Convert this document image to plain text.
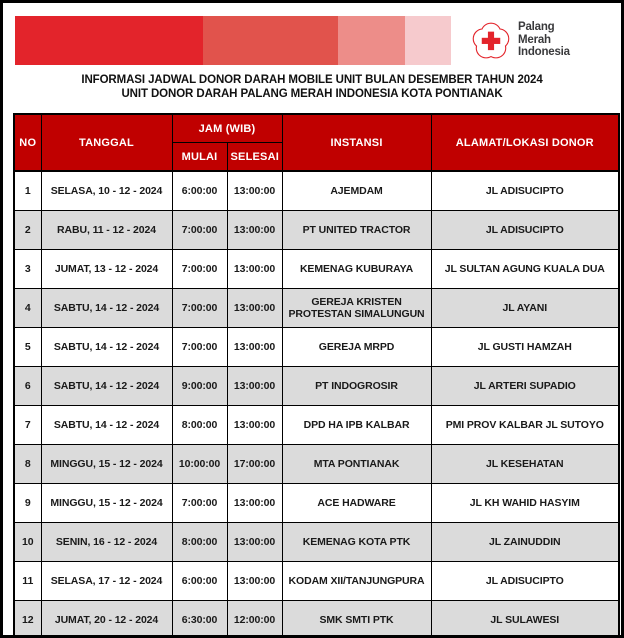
Palang
Merah
Indonesia
INFORMASI JADWAL DONOR DARAH MOBILE UNIT BULAN DESEMBER TAHUN 2024
UNIT DONOR DARAH PALANG MERAH INDONESIA KOTA PONTIANAK
NO	TANGGAL	JAM (WIB)		INSTANSI	ALAMAT/LOKASI DONOR
		MULAI	SELESAI		
1	SELASA, 10 - 12 - 2024	6:00:00	13:00:00	AJEMDAM	JL ADISUCIPTO
2	RABU, 11 - 12 - 2024	7:00:00	13:00:00	PT UNITED TRACTOR	JL ADISUCIPTO
3	JUMAT, 13 - 12 - 2024	7:00:00	13:00:00	KEMENAG KUBURAYA	JL SULTAN AGUNG KUALA DUA
4	SABTU, 14 - 12 - 2024	7:00:00	13:00:00	GEREJA KRISTEN PROTESTAN SIMALUNGUN	JL AYANI
5	SABTU, 14 - 12 - 2024	7:00:00	13:00:00	GEREJA MRPD	JL GUSTI HAMZAH
6	SABTU, 14 - 12 - 2024	9:00:00	13:00:00	PT INDOGROSIR	JL ARTERI SUPADIO
7	SABTU, 14 - 12 - 2024	8:00:00	13:00:00	DPD HA IPB KALBAR	PMI PROV KALBAR JL SUTOYO
8	MINGGU, 15 - 12 - 2024	10:00:00	17:00:00	MTA PONTIANAK	JL KESEHATAN
9	MINGGU, 15 - 12 - 2024	7:00:00	13:00:00	ACE HADWARE	JL KH WAHID HASYIM
10	SENIN, 16 - 12 - 2024	8:00:00	13:00:00	KEMENAG KOTA PTK	JL ZAINUDDIN
11	SELASA, 17 - 12 - 2024	6:00:00	13:00:00	KODAM XII/TANJUNGPURA	JL ADISUCIPTO
12	JUMAT, 20 - 12 - 2024	6:30:00	12:00:00	SMK SMTI PTK	JL SULAWESI
